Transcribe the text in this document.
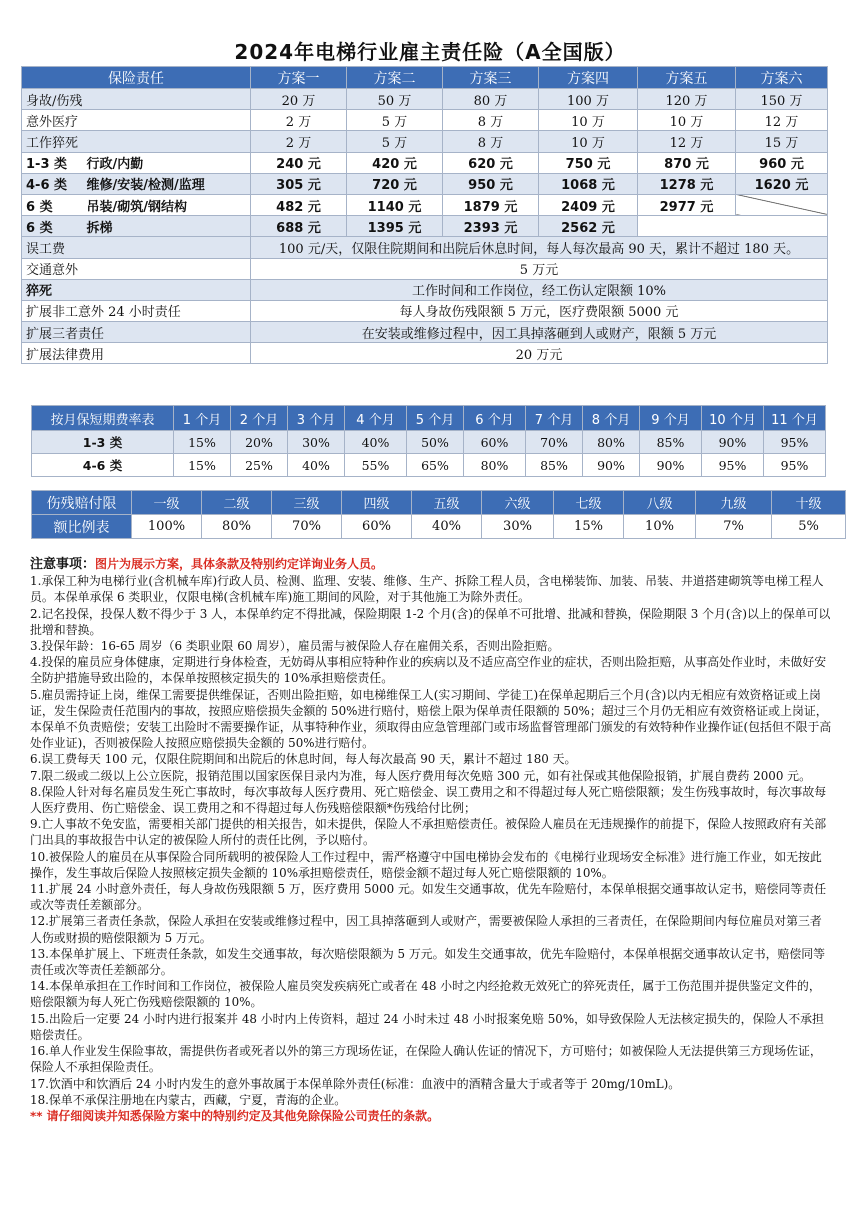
2024年电梯行业雇主责任险（A全国版）
保险责任		方案一	方案二	方案三	方案四	方案五	方案六
身故/伤残		20 万	50 万	80 万	100 万	120 万	150 万
意外医疗		2 万	5 万	8 万	10 万	10 万	12 万
工作猝死		2 万	5 万	8 万	10 万	12 万	15 万
1-3 类	行政/内勤	240 元	420 元	620 元	750 元	870 元	960 元
4-6 类	维修/安装/检测/监理	305 元	720 元	950 元	1068 元	1278 元	1620 元
6 类	吊装/砌筑/钢结构	482 元	1140 元	1879 元	2409 元	2977 元	
6 类	拆梯	688 元	1395 元	2393 元	2562 元		
误工费		100 元/天，仅限住院期间和出院后休息时间，每人每次最高 90 天，累计不超过 180 天。					
交通意外		5 万元					
猝死		工作时间和工作岗位，经工伤认定限额 10%					
扩展非工意外 24 小时责任		每人身故伤残限额 5 万元，医疗费限额 5000 元					
扩展三者责任		在安装或维修过程中，因工具掉落砸到人或财产，限额 5 万元					
扩展法律费用		20 万元					
按月保短期费率表	1 个月	2 个月	3 个月	4 个月	5 个月	6 个月	7 个月	8 个月	9 个月	10 个月	11 个月
1-3 类	15%	20%	30%	40%	50%	60%	70%	80%	85%	90%	95%
4-6 类	15%	25%	40%	55%	65%	80%	85%	90%	90%	95%	95%
伤残赔付限	一级	二级	三级	四级	五级	六级	七级	八级	九级	十级
额比例表	100%	80%	70%	60%	40%	30%	15%	10%	7%	5%

注意事项：图片为展示方案，具体条款及特别约定详询业务人员。

1.承保工种为电梯行业(含机械车库)行政人员、检测、监理、安装、维修、生产、拆除工程人员，含电梯装饰、加装、吊装、井道搭建砌筑等电梯工程人员。本保单承保 6 类职业，仅限电梯(含机械车库)施工期间的风险，对于其他施工为除外责任。

2.记名投保，投保人数不得少于 3 人，本保单约定不得批减，保险期限 1-2 个月(含)的保单不可批增、批减和替换，保险期限 3 个月(含)以上的保单可以批增和替换。

3.投保年龄：16-65 周岁（6 类职业限 60 周岁），雇员需与被保险人存在雇佣关系，否则出险拒赔。

4.投保的雇员应身体健康，定期进行身体检查，无妨碍从事相应特种作业的疾病以及不适应高空作业的症状，否则出险拒赔，从事高处作业时，未做好安全防护措施导致出险的，本保单按照核定损失的 10%承担赔偿责任。

5.雇员需持证上岗，维保工需要提供维保证，否则出险拒赔，如电梯维保工人(实习期间、学徒工)在保单起期后三个月(含)以内无相应有效资格证或上岗证，发生保险责任范围内的事故，按照应赔偿损失金额的 50%进行赔付，赔偿上限为保单责任限额的 50%；超过三个月仍无相应有效资格证或上岗证，本保单不负责赔偿；安装工出险时不需要操作证，从事特种作业，须取得由应急管理部门或市场监督管理部门颁发的有效特种作业操作证(包括但不限于高处作业证)，否则被保险人按照应赔偿损失金额的 50%进行赔付。

6.误工费每天 100 元，仅限住院期间和出院后的休息时间，每人每次最高 90 天，累计不超过 180 天。

7.限二级或二级以上公立医院，报销范围以国家医保目录内为准，每人医疗费用每次免赔 300 元，如有社保或其他保险报销，扩展自费药 2000 元。

8.保险人针对每名雇员发生死亡事故时，每次事故每人医疗费用、死亡赔偿金、误工费用之和不得超过每人死亡赔偿限额；发生伤残事故时，每次事故每人医疗费用、伤亡赔偿金、误工费用之和不得超过每人伤残赔偿限额*伤残给付比例；

9.亡人事故不免安监，需要相关部门提供的相关报告，如未提供，保险人不承担赔偿责任。被保险人雇员在无违规操作的前提下，保险人按照政府有关部门出具的事故报告中认定的被保险人所付的责任比例，予以赔付。

10.被保险人的雇员在从事保险合同所载明的被保险人工作过程中，需严格遵守中国电梯协会发布的《电梯行业现场安全标准》进行施工作业，如无按此操作，发生事故后保险人按照核定损失金额的 10%承担赔偿责任，赔偿金额不超过每人死亡赔偿限额的 10%。

11.扩展 24 小时意外责任，每人身故伤残限额 5 万，医疗费用 5000 元。如发生交通事故，优先车险赔付，本保单根据交通事故认定书，赔偿同等责任或次等责任差额部分。

12.扩展第三者责任条款，保险人承担在安装或维修过程中，因工具掉落砸到人或财产，需要被保险人承担的三者责任，在保险期间内每位雇员对第三者人伤或财损的赔偿限额为 5 万元。

13.本保单扩展上、下班责任条款，如发生交通事故，每次赔偿限额为 5 万元。如发生交通事故，优先车险赔付，本保单根据交通事故认定书，赔偿同等责任或次等责任差额部分。

14.本保单承担在工作时间和工作岗位，被保险人雇员突发疾病死亡或者在 48 小时之内经抢救无效死亡的猝死责任，属于工伤范围并提供鉴定文件的，赔偿限额为每人死亡伤残赔偿限额的 10%。

15.出险后一定要 24 小时内进行报案并 48 小时内上传资料，超过 24 小时未过 48 小时报案免赔 50%，如导致保险人无法核定损失的，保险人不承担赔偿责任。

16.单人作业发生保险事故，需提供伤者或死者以外的第三方现场佐证，在保险人确认佐证的情况下，方可赔付；如被保险人无法提供第三方现场佐证，保险人不承担保险责任。

17.饮酒中和饮酒后 24 小时内发生的意外事故属于本保单除外责任(标准：血液中的酒精含量大于或者等于 20mg/10mL)。

18.保单不承保注册地在内蒙古，西藏，宁夏，青海的企业。

** 请仔细阅读并知悉保险方案中的特别约定及其他免除保险公司责任的条款。
